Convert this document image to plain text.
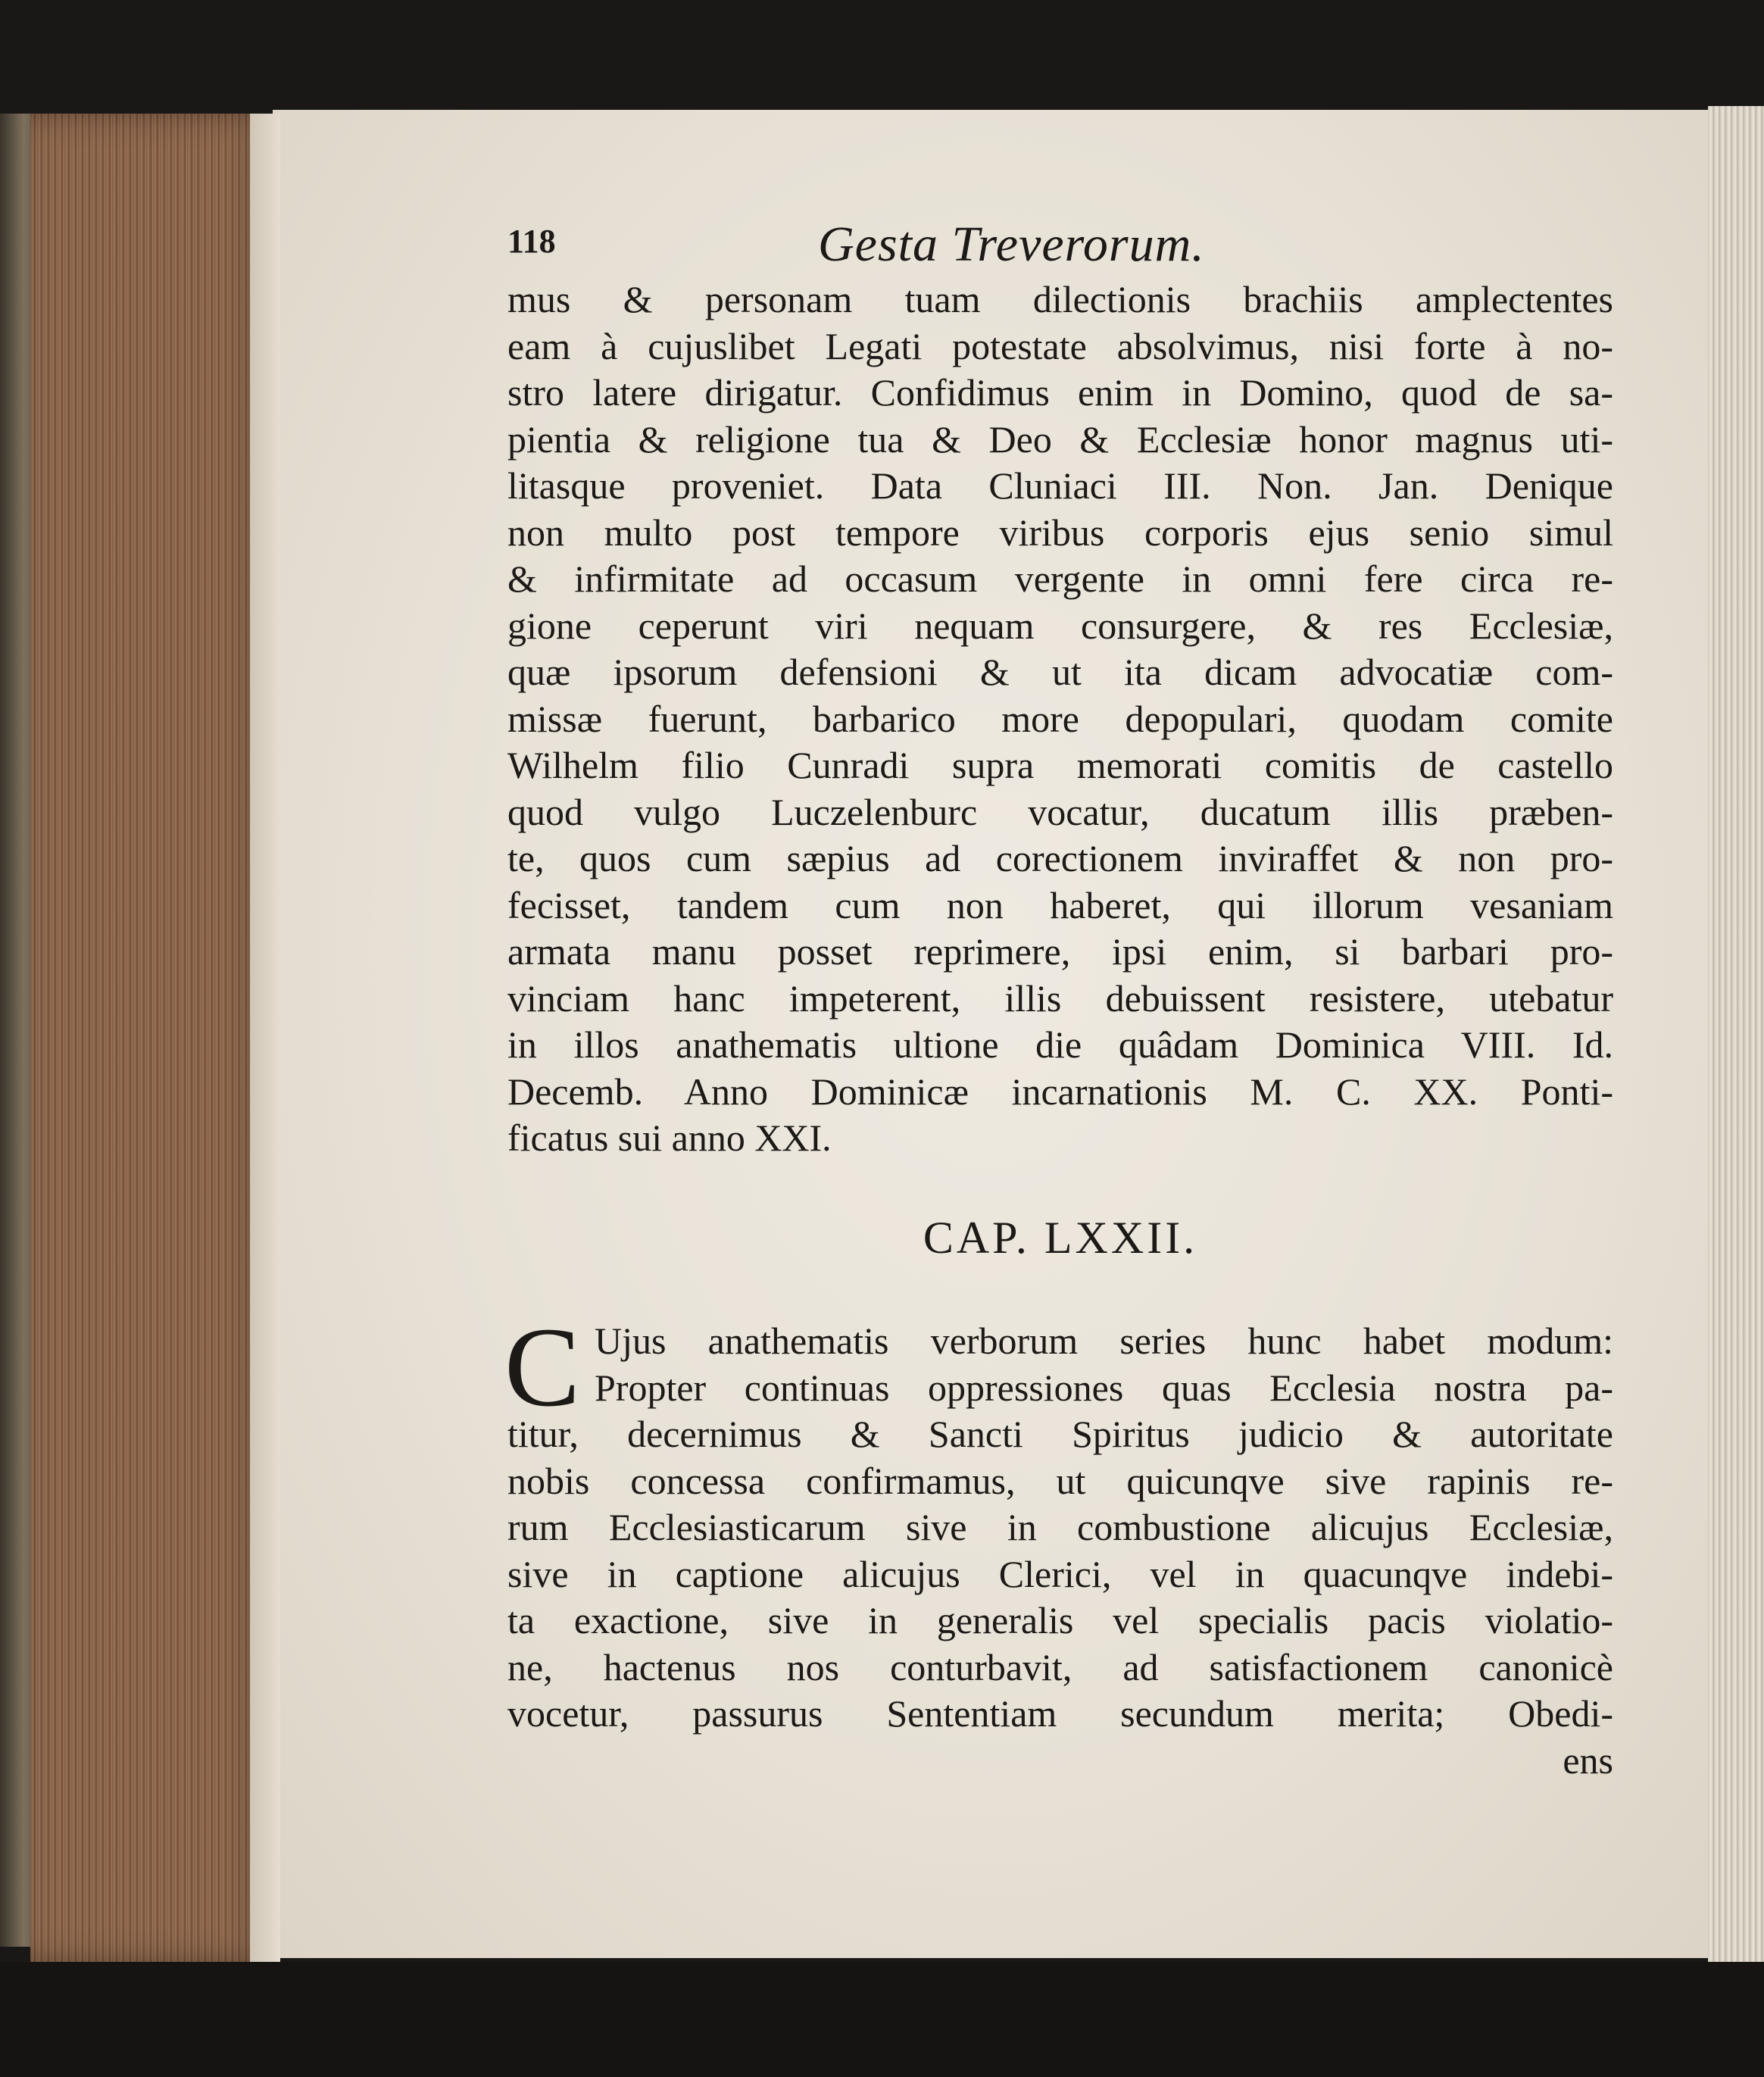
118	Gesta Treverorum.
mus & personam tuam dilectionis brachiis amplectentes
eam à cujuslibet Legati potestate absolvimus, nisi forte à no-
stro latere dirigatur. Confidimus enim in Domino, quod de sa-
pientia & religione tua & Deo & Ecclesiæ honor magnus uti-
litasque proveniet. Data Cluniaci III. Non. Jan. Denique
non multo post tempore viribus corporis ejus senio simul
& infirmitate ad occasum vergente in omni fere circa re-
gione ceperunt viri nequam consurgere, & res Ecclesiæ,
quæ ipsorum defensioni & ut ita dicam advocatiæ com-
missæ fuerunt, barbarico more depopulari, quodam comite
Wilhelm filio Cunradi supra memorati comitis de castello
quod vulgo Luczelenburc vocatur, ducatum illis præben-
te, quos cum sæpius ad corectionem inviraffet & non pro-
fecisset, tandem cum non haberet, qui illorum vesaniam
armata manu posset reprimere, ipsi enim, si barbari pro-
vinciam hanc impeterent, illis debuissent resistere, utebatur
in illos anathematis ultione die quâdam Dominica VIII. Id.
Decemb. Anno Dominicæ incarnationis M. C. XX. Ponti-
ficatus sui anno XXI.
CAP. LXXII.
C Ujus anathematis verborum series hunc habet modum:
Propter continuas oppressiones quas Ecclesia nostra pa-
titur, decernimus & Sancti Spiritus judicio & autoritate
nobis concessa confirmamus, ut quicunqve sive rapinis re-
rum Ecclesiasticarum sive in combustione alicujus Ecclesiæ,
sive in captione alicujus Clerici, vel in quacunqve indebi-
ta exactione, sive in generalis vel specialis pacis violatio-
ne, hactenus nos conturbavit, ad satisfactionem canonicè
vocetur, passurus Sententiam secundum merita; Obedi-
ens
